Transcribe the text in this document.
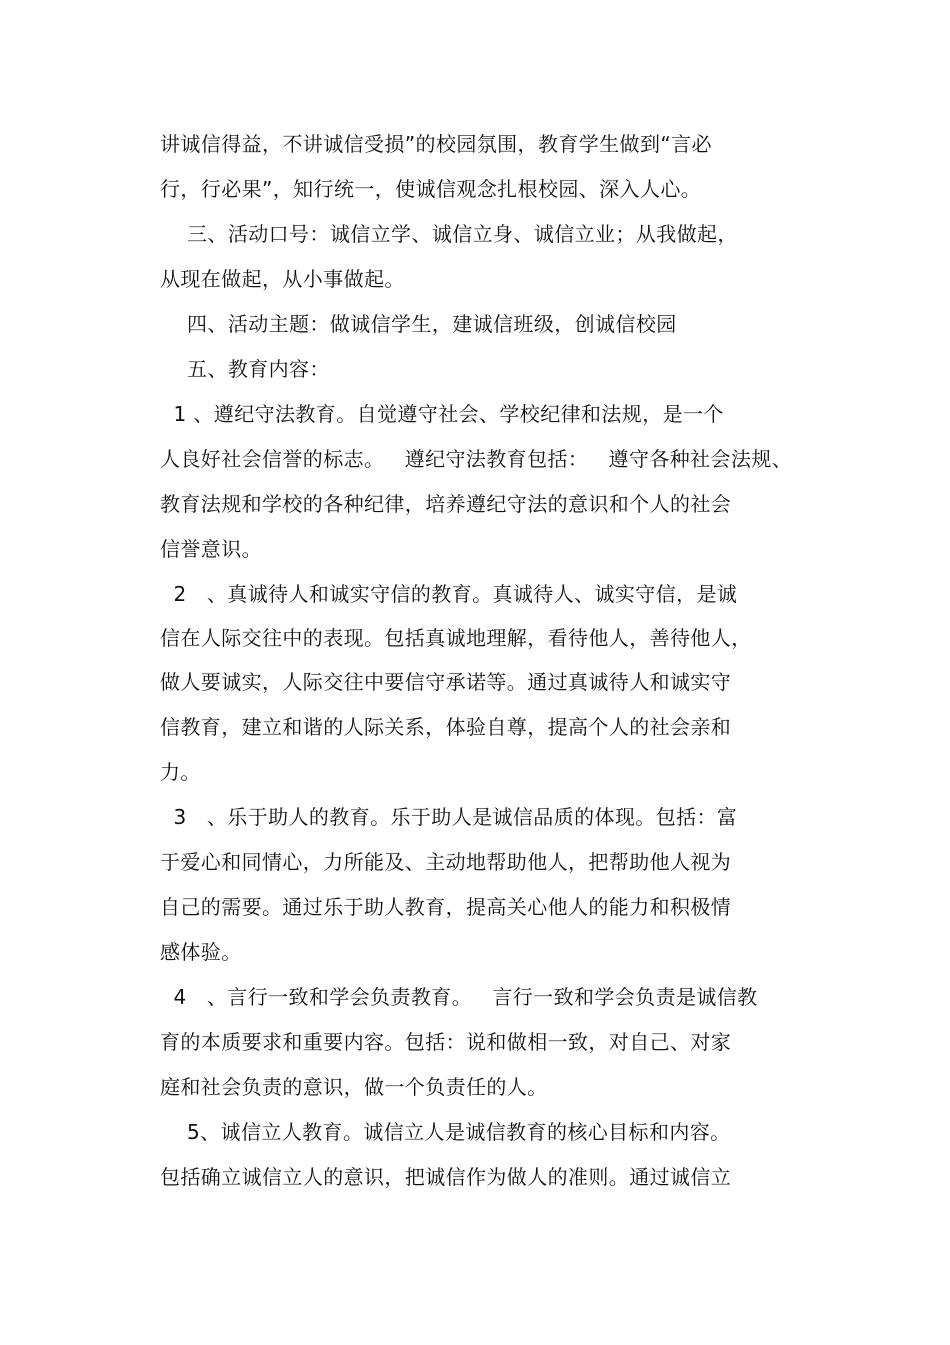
讲诚信得益，不讲诚信受损”的校园氛围，教育学生做到“言必
行，行必果”，知行统一，使诚信观念扎根校园、深入人心。
三、活动口号：诚信立学、诚信立身、诚信立业；从我做起，
从现在做起，从小事做起。
四、活动主题：做诚信学生，建诚信班级，创诚信校园
五、教育内容：
1 、遵纪守法教育。自觉遵守社会、学校纪律和法规，是一个
人良好社会信誉的标志。   遵纪守法教育包括：   遵守各种社会法规、
教育法规和学校的各种纪律，培养遵纪守法的意识和个人的社会
信誉意识。
2   、真诚待人和诚实守信的教育。真诚待人、诚实守信，是诚
信在人际交往中的表现。包括真诚地理解，看待他人，善待他人，
做人要诚实，人际交往中要信守承诺等。通过真诚待人和诚实守
信教育，建立和谐的人际关系，体验自尊，提高个人的社会亲和
力。
3   、乐于助人的教育。乐于助人是诚信品质的体现。包括：富
于爱心和同情心，力所能及、主动地帮助他人，把帮助他人视为
自己的需要。通过乐于助人教育，提高关心他人的能力和积极情
感体验。
4   、言行一致和学会负责教育。   言行一致和学会负责是诚信教
育的本质要求和重要内容。包括：说和做相一致，对自己、对家
庭和社会负责的意识，做一个负责任的人。
5、诚信立人教育。诚信立人是诚信教育的核心目标和内容。
包括确立诚信立人的意识，把诚信作为做人的准则。通过诚信立
